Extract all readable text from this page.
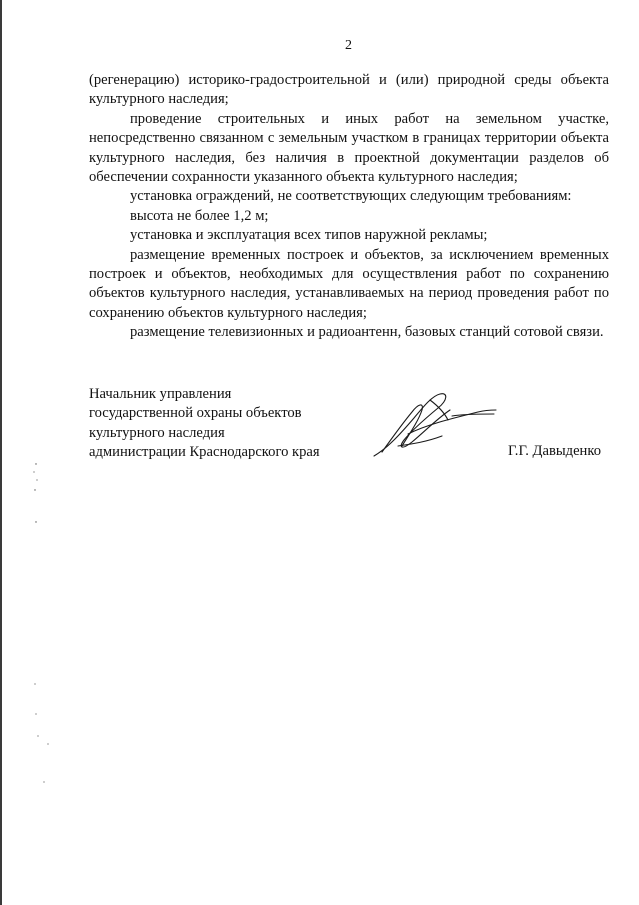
2

(регенерацию) историко-градостроительной и (или) природной среды объекта культурного наследия;

проведение строительных и иных работ на земельном участке, непосредственно связанном с земельным участком в границах территории объекта культурного наследия, без наличия в проектной документации разделов об обеспечении сохранности указанного объекта культурного наследия;

установка ограждений, не соответствующих следующим требованиям:

высота не более 1,2 м;

установка и эксплуатация всех типов наружной рекламы;

размещение временных построек и объектов, за исключением временных построек и объектов, необходимых для осуществления работ по сохранению объектов культурного наследия, устанавливаемых на период проведения работ по сохранению объектов культурного наследия;

размещение телевизионных и радиоантенн, базовых станций сотовой связи.

Начальник управления
государственной охраны объектов
культурного наследия
администрации Краснодарского края	Г.Г. Давыденко
